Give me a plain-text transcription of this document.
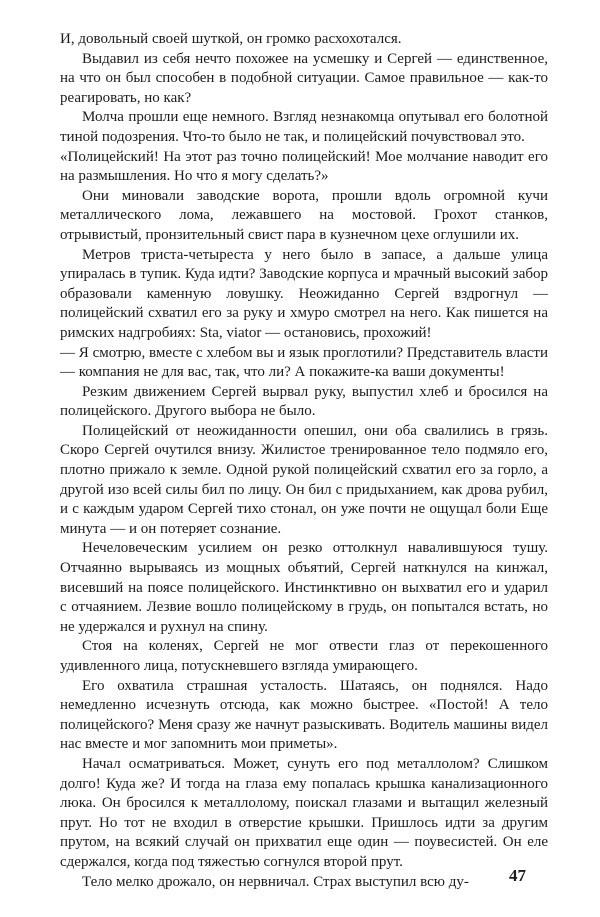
И, довольный своей шуткой, он громко расхохотался.

Выдавил из себя нечто похожее на усмешку и Сергей — единственное, на что он был способен в подобной ситуации. Самое правильное — как-то реагировать, но как?

Молча прошли еще немного. Взгляд незнакомца опутывал его болотной тиной подозрения. Что-то было не так, и полицейский почувствовал это.

«Полицейский! На этот раз точно полицейский! Мое молчание наводит его на размышления. Но что я могу сделать?»

Они миновали заводские ворота, прошли вдоль огромной кучи металлического лома, лежавшего на мостовой. Грохот станков, отрывистый, пронзительный свист пара в кузнечном цехе оглушили их.

Метров триста-четыреста у него было в запасе, а дальше улица упиралась в тупик. Куда идти? Заводские корпуса и мрачный высокий забор образовали каменную ловушку. Неожиданно Сергей вздрогнул — полицейский схватил его за руку и хмуро смотрел на него. Как пишется на римских надгробиях: Sta, viator — остановись, прохожий!

— Я смотрю, вместе с хлебом вы и язык проглотили? Представитель власти — компания не для вас, так, что ли? А покажите-ка ваши документы!

Резким движением Сергей вырвал руку, выпустил хлеб и бросился на полицейского. Другого выбора не было.

Полицейский от неожиданности опешил, они оба свалились в грязь. Скоро Сергей очутился внизу. Жилистое тренированное тело подмяло его, плотно прижало к земле. Одной рукой полицейский схватил его за горло, а другой изо всей силы бил по лицу. Он бил с придыханием, как дрова рубил, и с каждым ударом Сергей тихо стонал, он уже почти не ощущал боли Еще минута — и он потеряет сознание.

Нечеловеческим усилием он резко оттолкнул навалившуюся тушу. Отчаянно вырываясь из мощных объятий, Сергей наткнулся на кинжал, висевший на поясе полицейского. Инстинктивно он выхватил его и ударил с отчаянием. Лезвие вошло полицейскому в грудь, он попытался встать, но не удержался и рухнул на спину.

Стоя на коленях, Сергей не мог отвести глаз от перекошенного удивленного лица, потускневшего взгляда умирающего.

Его охватила страшная усталость. Шатаясь, он поднялся. Надо немедленно исчезнуть отсюда, как можно быстрее. «Постой! А тело полицейского? Меня сразу же начнут разыскивать. Водитель машины видел нас вместе и мог запомнить мои приметы».

Начал осматриваться. Может, сунуть его под металлолом? Слишком долго! Куда же? И тогда на глаза ему попалась крышка канализационного люка. Он бросился к металлолому, поискал глазами и вытащил железный прут. Но тот не входил в отверстие крышки. Пришлось идти за другим прутом, на всякий случай он прихватил еще один — поувесистей. Он еле сдержался, когда под тяжестью согнулся второй прут.

Тело мелко дрожало, он нервничал. Страх выступил всю ду-	47
